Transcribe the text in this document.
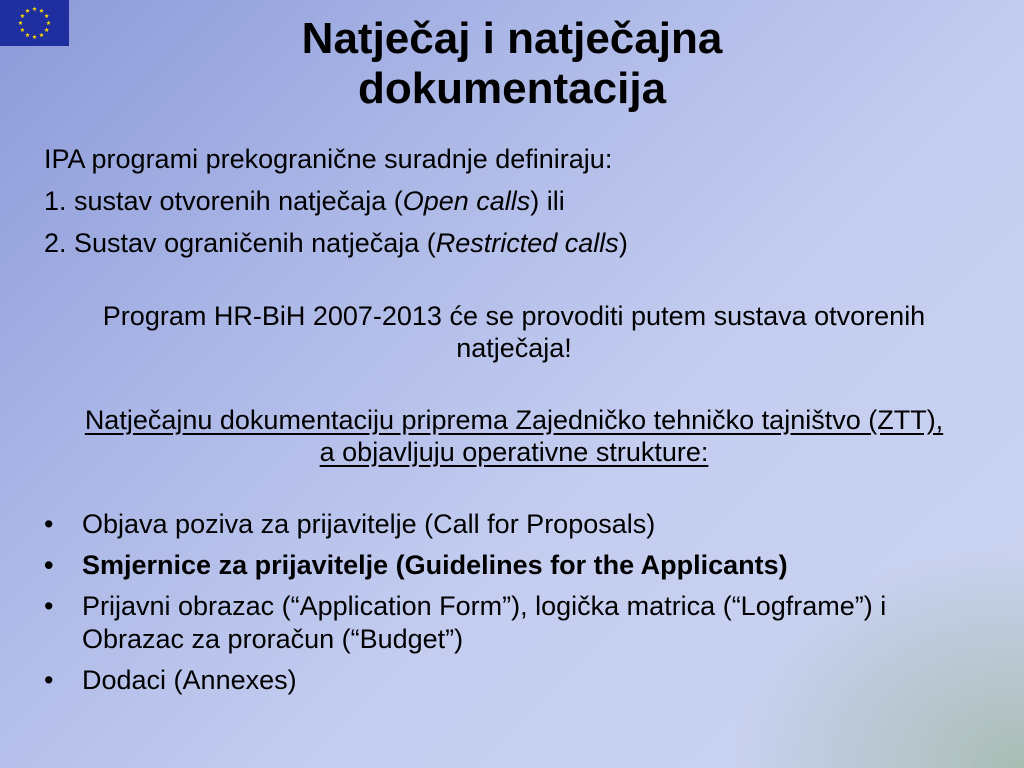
Natječaj i natječajna
dokumentacija
IPA programi prekogranične suradnje definiraju:
1. sustav otvorenih natječaja (Open calls) ili
2. Sustav ograničenih natječaja (Restricted calls)
Program HR-BiH 2007-2013 će se provoditi putem sustava otvorenih natječaja!
Natječajnu dokumentaciju priprema Zajedničko tehničko tajništvo (ZTT), a objavljuju operativne strukture:
• Objava poziva za prijavitelje (Call for Proposals)
• Smjernice za prijavitelje (Guidelines for the Applicants)
• Prijavni obrazac (“Application Form”), logička matrica (“Logframe”) i Obrazac za proračun (“Budget”)
• Dodaci (Annexes)
